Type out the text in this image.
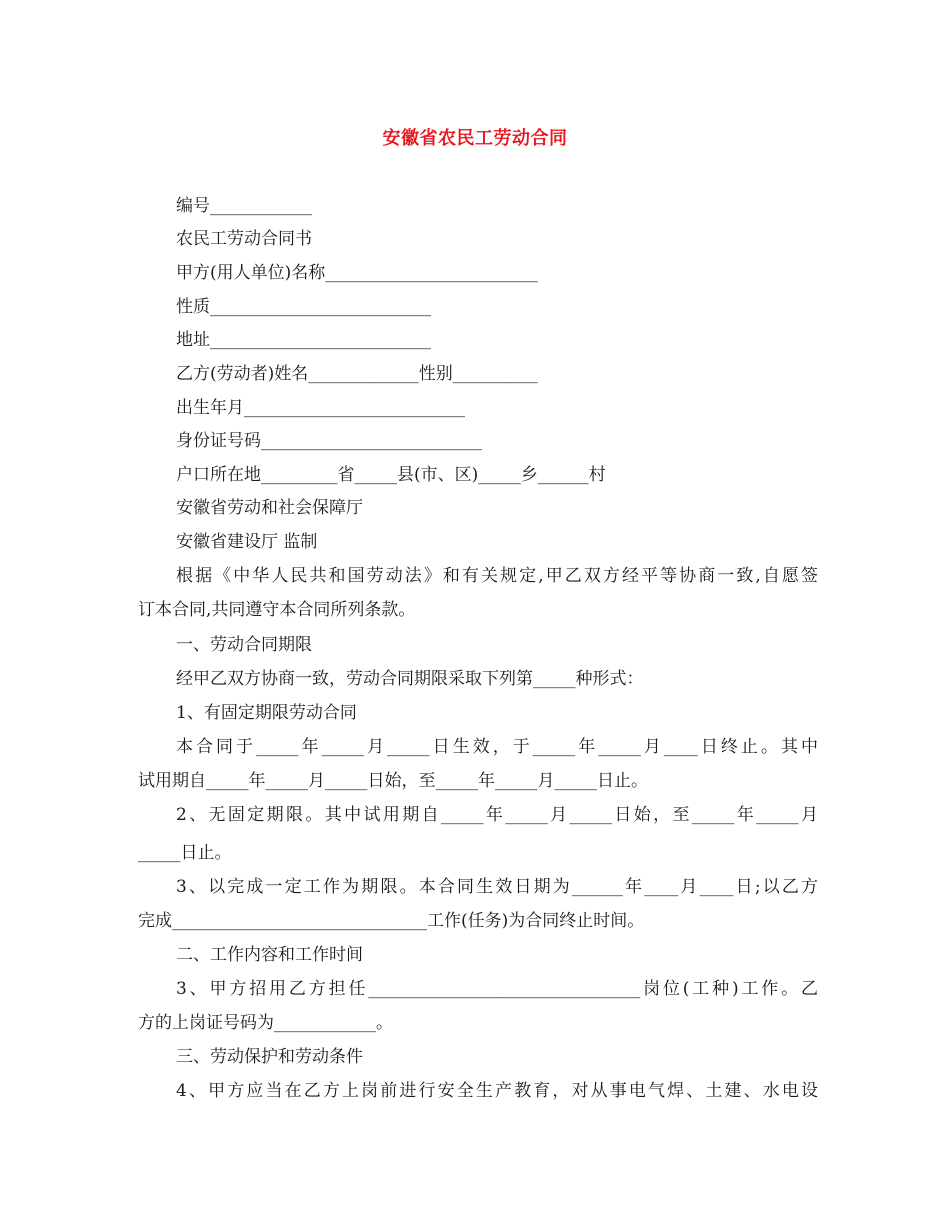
安徽省农民工劳动合同
编号____________
农民工劳动合同书
甲方(用人单位)名称_________________________
性质__________________________
地址__________________________
乙方(劳动者)姓名_____________性别__________
出生年月__________________________
身份证号码__________________________
户口所在地_________省_____县(市、区)_____乡______村
安徽省劳动和社会保障厅
安徽省建设厅 监制
根据《中华人民共和国劳动法》和有关规定,甲乙双方经平等协商一致,自愿签
订本合同,共同遵守本合同所列条款。
一、劳动合同期限
经甲乙双方协商一致，劳动合同期限采取下列第_____种形式：
1、有固定期限劳动合同
本合同于_____年_____月_____日生效，于_____年_____月____日终止。其中
试用期自_____年_____月_____日始，至_____年_____月_____日止。
2、无固定期限。其中试用期自_____年_____月_____日始，至_____年_____月
_____日止。
3、以完成一定工作为期限。本合同生效日期为______年____月____日;以乙方
完成______________________________工作(任务)为合同终止时间。
二、工作内容和工作时间
3、甲方招用乙方担任________________________________岗位(工种)工作。乙
方的上岗证号码为____________。
三、劳动保护和劳动条件
4、甲方应当在乙方上岗前进行安全生产教育，对从事电气焊、土建、水电设
